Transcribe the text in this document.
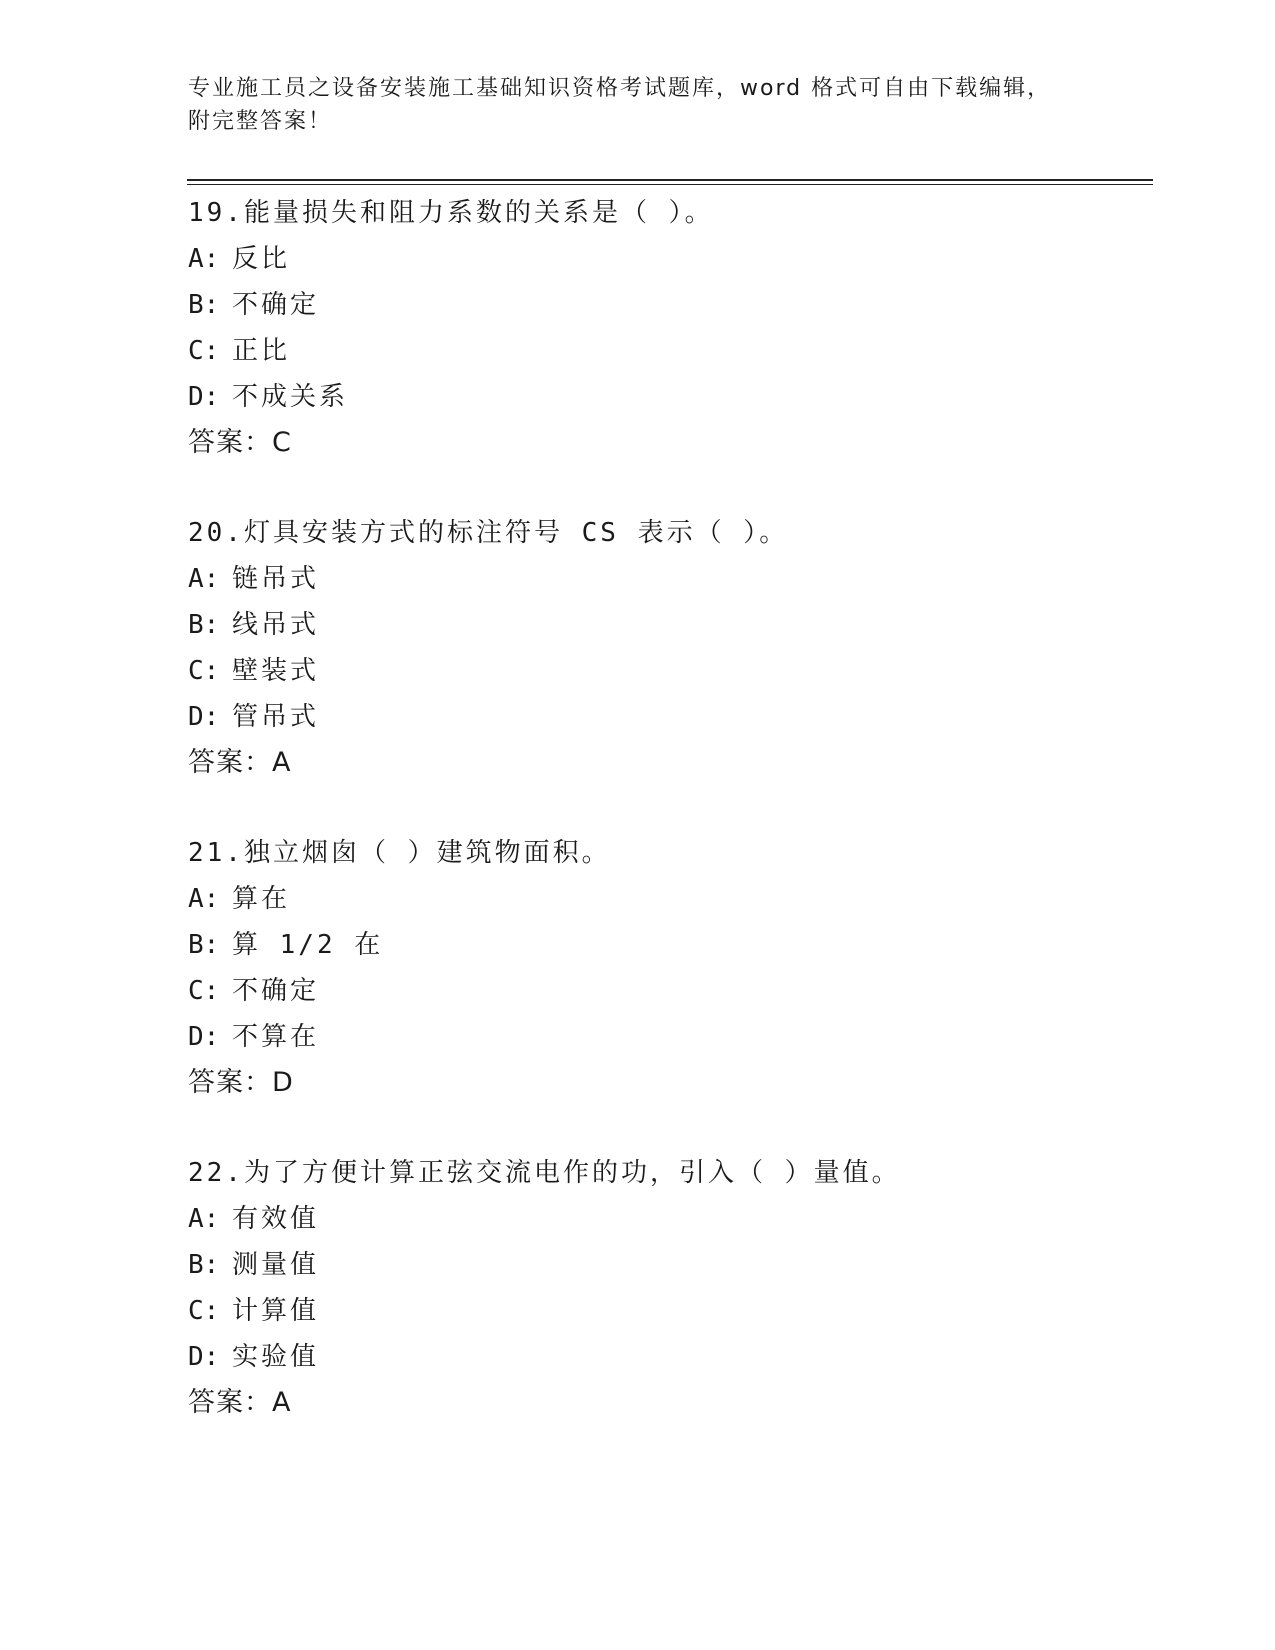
专业施工员之设备安装施工基础知识资格考试题库，word 格式可自由下载编辑，附完整答案！
19.能量损失和阻力系数的关系是（ ）。
A: 反比
B: 不确定
C: 正比
D: 不成关系
答案：C
20.灯具安装方式的标注符号 CS 表示（ ）。
A: 链吊式
B: 线吊式
C: 壁装式
D: 管吊式
答案：A
21.独立烟囱（ ）建筑物面积。
A: 算在
B: 算 1/2 在
C: 不确定
D: 不算在
答案：D
22.为了方便计算正弦交流电作的功，引入（ ）量值。
A: 有效值
B: 测量值
C: 计算值
D: 实验值
答案：A
